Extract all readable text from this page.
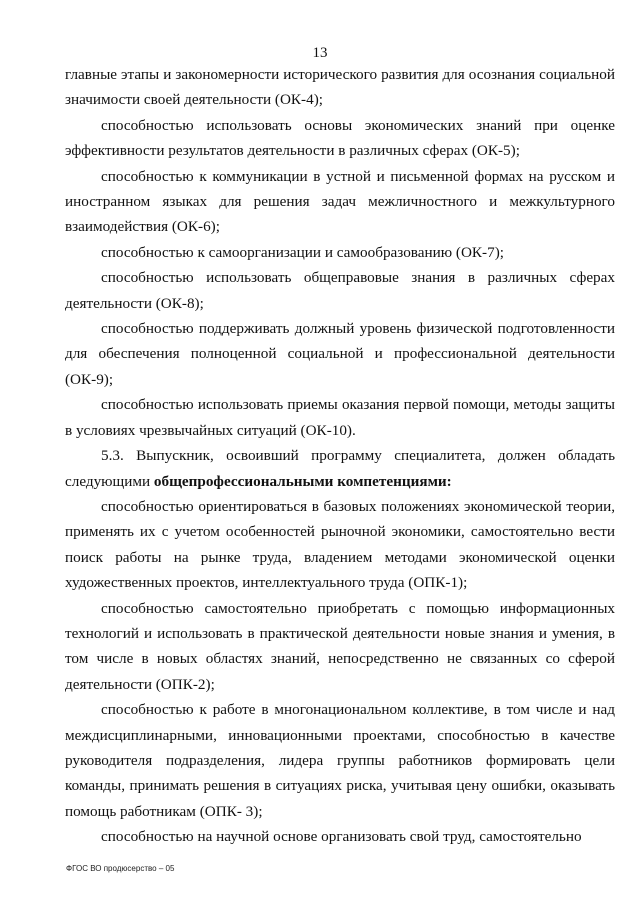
13

главные этапы и закономерности исторического развития для осознания социальной значимости своей деятельности (ОК-4);

способностью использовать основы экономических знаний при оценке эффективности результатов деятельности в различных сферах (ОК-5);

способностью к коммуникации в устной и письменной формах на русском и иностранном языках для решения задач межличностного и межкультурного взаимодействия (ОК-6);

способностью к самоорганизации и самообразованию (ОК-7);

способностью использовать общеправовые знания в различных сферах деятельности (ОК-8);

способностью поддерживать должный уровень физической подготовленности для обеспечения полноценной социальной и профессиональной деятельности (ОК-9);

способностью использовать приемы оказания первой помощи, методы защиты в условиях чрезвычайных ситуаций (ОК-10).

5.3. Выпускник, освоивший программу специалитета, должен обладать следующими общепрофессиональными компетенциями:

способностью ориентироваться в базовых положениях экономической теории, применять их с учетом особенностей рыночной экономики, самостоятельно вести поиск работы на рынке труда, владением методами экономической оценки художественных проектов, интеллектуального труда (ОПК-1);

способностью самостоятельно приобретать с помощью информационных технологий и использовать в практической деятельности новые знания и умения, в том числе в новых областях знаний, непосредственно не связанных со сферой деятельности (ОПК-2);

способностью к работе в многонациональном коллективе, в том числе и над междисциплинарными, инновационными проектами, способностью в качестве руководителя подразделения, лидера группы работников формировать цели команды, принимать решения в ситуациях риска, учитывая цену ошибки, оказывать помощь работникам (ОПК- 3);

способностью на научной основе организовать свой труд, самостоятельно

ФГОС ВО продюсерство – 05
